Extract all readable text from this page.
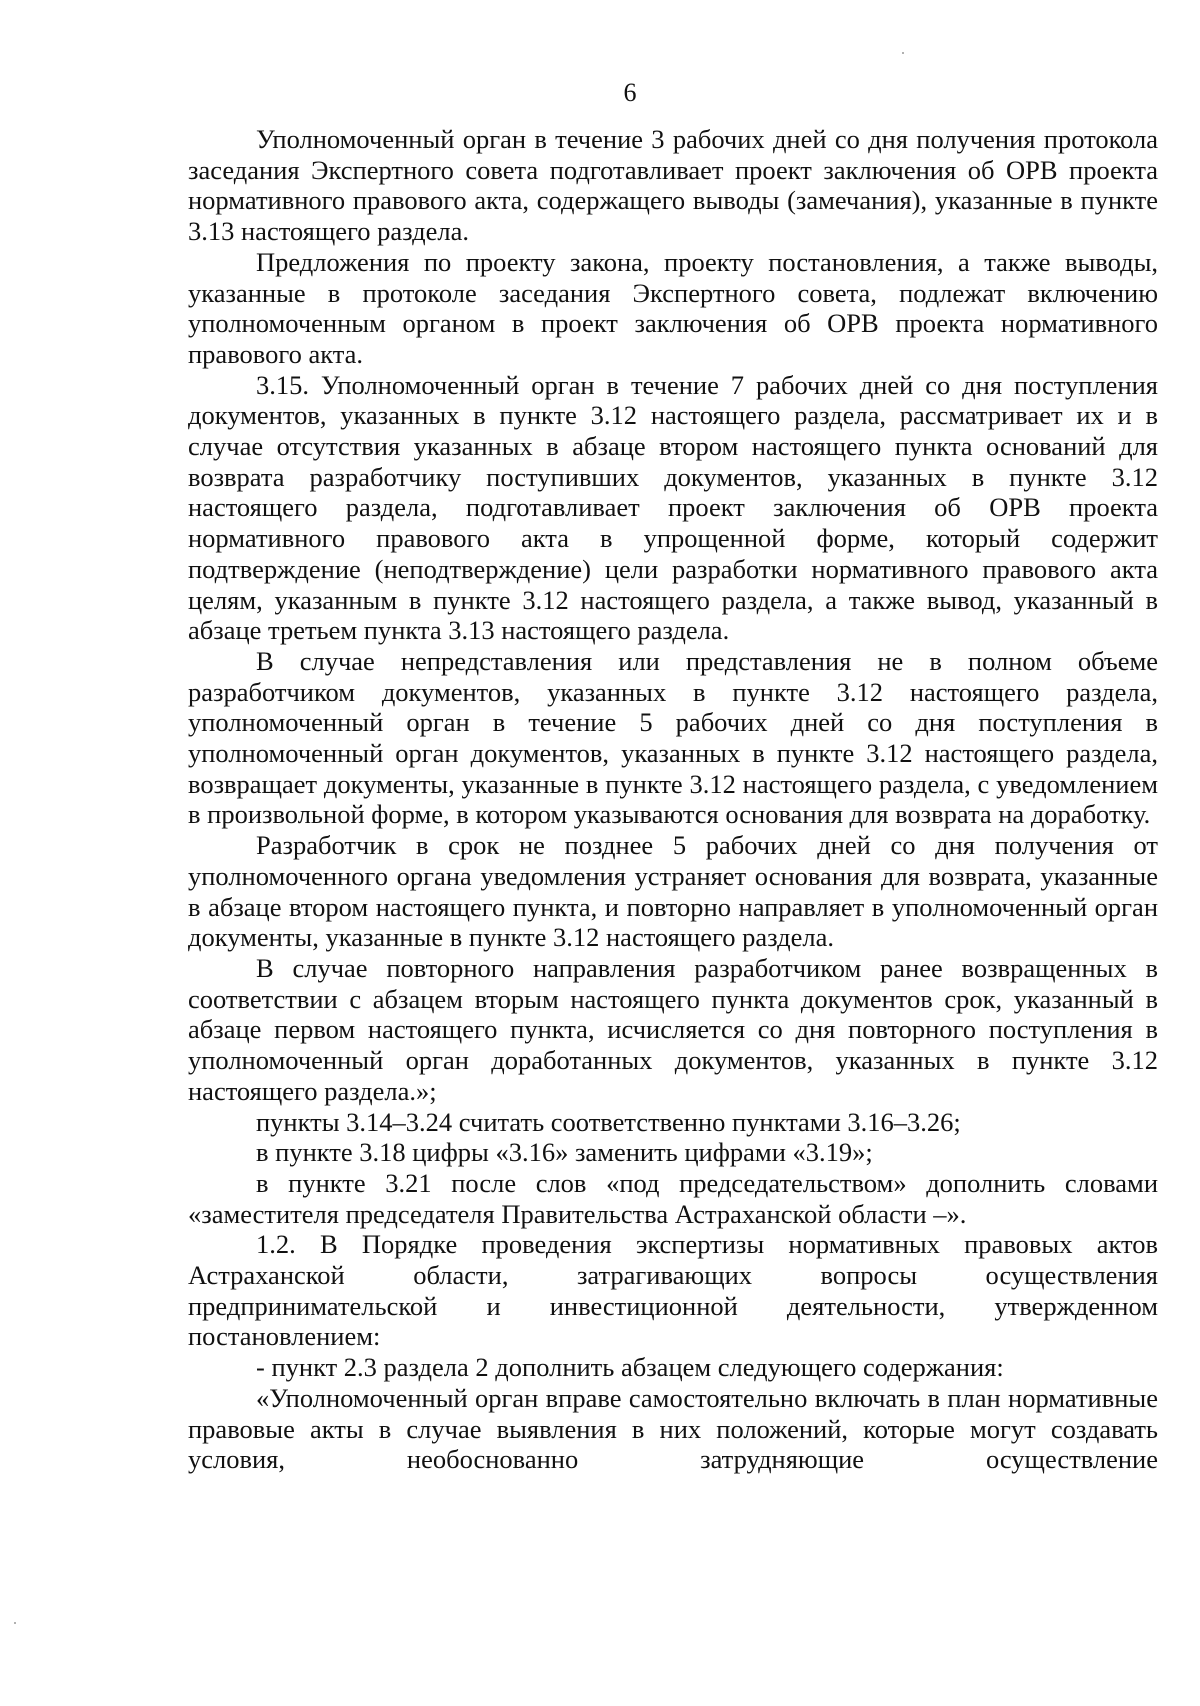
6

Уполномоченный орган в течение 3 рабочих дней со дня получения протокола заседания Экспертного совета подготавливает проект заключения об ОРВ проекта нормативного правового акта, содержащего выводы (замечания), указанные в пункте 3.13 настоящего раздела.

Предложения по проекту закона, проекту постановления, а также выводы, указанные в протоколе заседания Экспертного совета, подлежат включению уполномоченным органом в проект заключения об ОРВ проекта нормативного правового акта.

3.15. Уполномоченный орган в течение 7 рабочих дней со дня поступления документов, указанных в пункте 3.12 настоящего раздела, рассматривает их и в случае отсутствия указанных в абзаце втором настоящего пункта оснований для возврата разработчику поступивших документов, указанных в пункте 3.12 настоящего раздела, подготавливает проект заключения об ОРВ проекта нормативного правового акта в упрощенной форме, который содержит подтверждение (неподтверждение) цели разработки нормативного правового акта целям, указанным в пункте 3.12 настоящего раздела, а также вывод, указанный в абзаце третьем пункта 3.13 настоящего раздела.

В случае непредставления или представления не в полном объеме разработчиком документов, указанных в пункте 3.12 настоящего раздела, уполномоченный орган в течение 5 рабочих дней со дня поступления в уполномоченный орган документов, указанных в пункте 3.12 настоящего раздела, возвращает документы, указанные в пункте 3.12 настоящего раздела, с уведомлением в произвольной форме, в котором указываются основания для возврата на доработку.

Разработчик в срок не позднее 5 рабочих дней со дня получения от уполномоченного органа уведомления устраняет основания для возврата, указанные в абзаце втором настоящего пункта, и повторно направляет в уполномоченный орган документы, указанные в пункте 3.12 настоящего раздела.

В случае повторного направления разработчиком ранее возвращенных в соответствии с абзацем вторым настоящего пункта документов срок, указанный в абзаце первом настоящего пункта, исчисляется со дня повторного поступления в уполномоченный орган доработанных документов, указанных в пункте 3.12 настоящего раздела.»;

пункты 3.14–3.24 считать соответственно пунктами 3.16–3.26;

в пункте 3.18 цифры «3.16» заменить цифрами «3.19»;

в пункте 3.21 после слов «под председательством» дополнить словами «заместителя председателя Правительства Астраханской области –».

1.2. В Порядке проведения экспертизы нормативных правовых актов Астраханской области, затрагивающих вопросы осуществления предпринимательской и инвестиционной деятельности, утвержденном постановлением:

- пункт 2.3 раздела 2 дополнить абзацем следующего содержания:

«Уполномоченный орган вправе самостоятельно включать в план нормативные правовые акты в случае выявления в них положений, которые могут создавать условия, необоснованно затрудняющие осуществление
